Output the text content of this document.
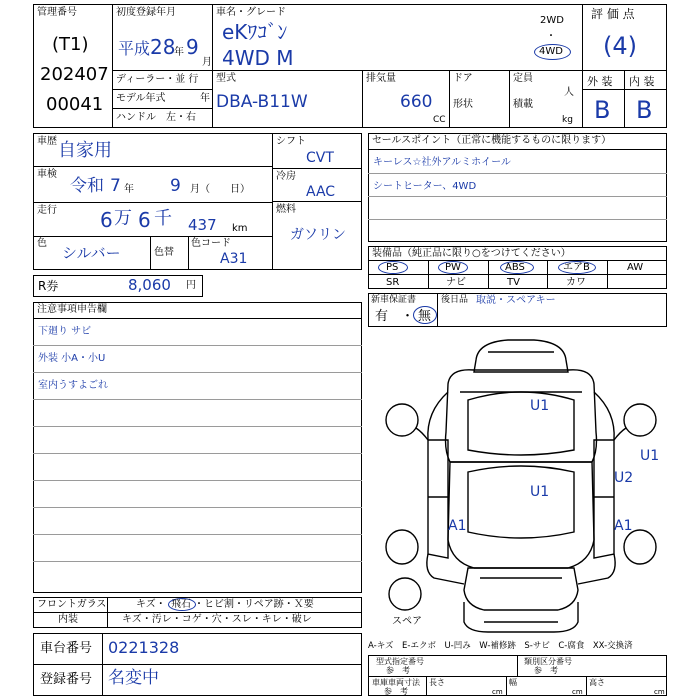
管理番号
(T1)
202407
00041
初度登録年月
平成 28
年 9
月
ディーラー・並 行
モデル年式	年
ハンドル　左・右
車名・グレード
eKﾜｺﾞﾝ
4WD M
2WD
・
4WD
型式
DBA-B11W
排気量
660
CC
ドア
形状
定員
人
積載
kg
評 価 点
(4)
外 装 内 装
B B
車歴 自家用
車検
令和 7 年 9 月（　　日）
走行 6 万 6 千 437 km
色
シルバー	色替
色コード
A31
シフト
CVT
冷房
AAC
燃料
ガソリン
R券	8,060 円
セールスポイント（正常に機能するものに限ります）
キーレス☆社外アルミホイール
シートヒーター、4WD
装備品（純正品に限り○をつけてください）
PS	PW	ABS	エアB	AW
SR	ナビ	TV	カワ
新車保証書
有　・ 無
後日品 取説・スペアキー
注意事項申告欄
下廻り サビ
外装 小A・小U
室内うすよごれ
U1
U1
U1
U2
A1	A1
スペア
フロントガラス	キズ・ 飛石 ・ヒビ割・リペア跡・Ｘ要
内装	キズ・汚レ・コゲ・穴・スレ・キレ・破レ
車台番号 0221328
登録番号 名変中
A-キズ　E-エクボ　U-凹み　W-補修跡　S-サビ　C-腐食　XX-交換済
型式指定番号
参　考
類別区分番号
参　考
車庫車両寸法
参　考
長さ
cm
幅
cm
高さ
cm
